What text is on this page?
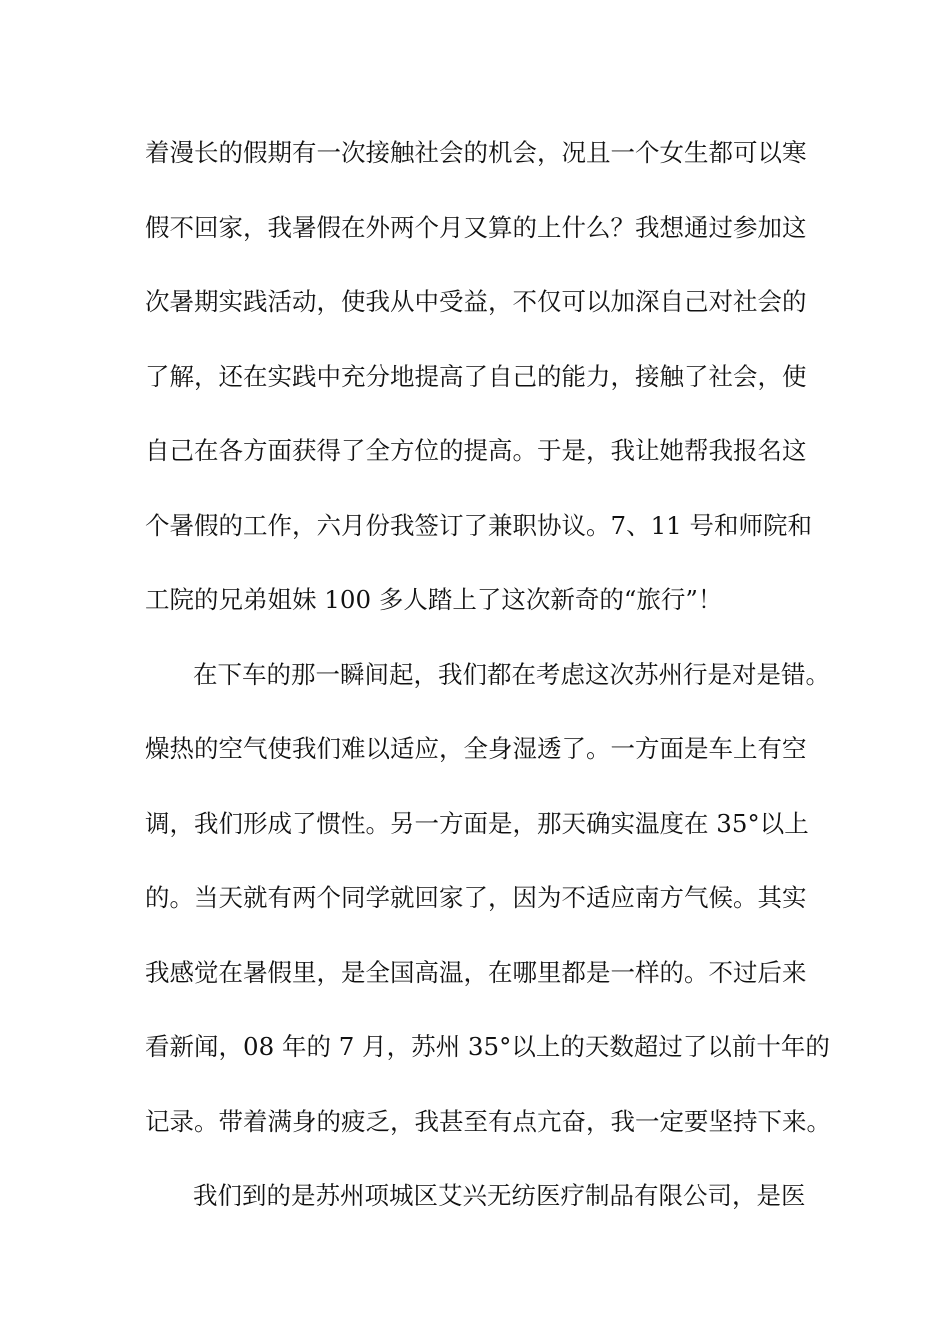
着漫长的假期有一次接触社会的机会，况且一个女生都可以寒
假不回家，我暑假在外两个月又算的上什么？我想通过参加这
次暑期实践活动，使我从中受益，不仅可以加深自己对社会的
了解，还在实践中充分地提高了自己的能力，接触了社会，使
自己在各方面获得了全方位的提高。于是，我让她帮我报名这
个暑假的工作，六月份我签订了兼职协议。7、11 号和师院和
工院的兄弟姐妹 100 多人踏上了这次新奇的“旅行”！
在下车的那一瞬间起，我们都在考虑这次苏州行是对是错。
燥热的空气使我们难以适应，全身湿透了。一方面是车上有空
调，我们形成了惯性。另一方面是，那天确实温度在 35°以上
的。当天就有两个同学就回家了，因为不适应南方气候。其实
我感觉在暑假里，是全国高温，在哪里都是一样的。不过后来
看新闻，08 年的 7 月，苏州 35°以上的天数超过了以前十年的
记录。带着满身的疲乏，我甚至有点亢奋，我一定要坚持下来。
我们到的是苏州项城区艾兴无纺医疗制品有限公司，是医
